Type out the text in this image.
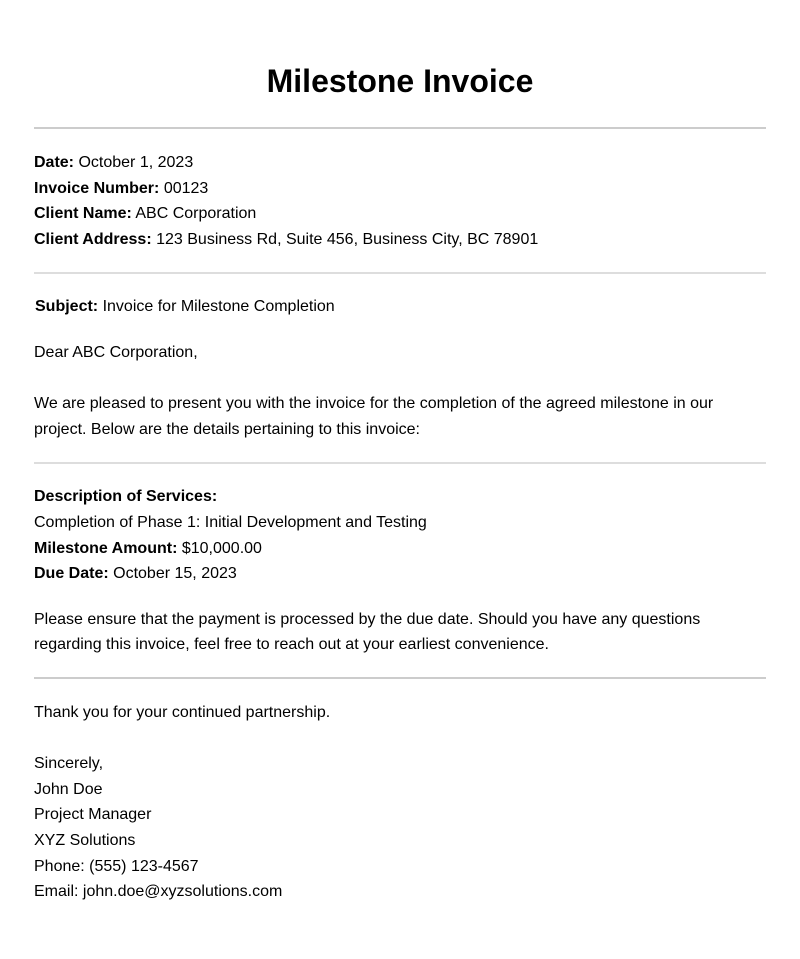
Milestone Invoice
Date: October 1, 2023
Invoice Number: 00123
Client Name: ABC Corporation
Client Address: 123 Business Rd, Suite 456, Business City, BC 78901
Subject: Invoice for Milestone Completion
Dear ABC Corporation,
We are pleased to present you with the invoice for the completion of the agreed milestone in our
project. Below are the details pertaining to this invoice:
Description of Services:
Completion of Phase 1: Initial Development and Testing
Milestone Amount: $10,000.00
Due Date: October 15, 2023
Please ensure that the payment is processed by the due date. Should you have any questions
regarding this invoice, feel free to reach out at your earliest convenience.
Thank you for your continued partnership.
Sincerely,
John Doe
Project Manager
XYZ Solutions
Phone: (555) 123-4567
Email: john.doe@xyzsolutions.com
